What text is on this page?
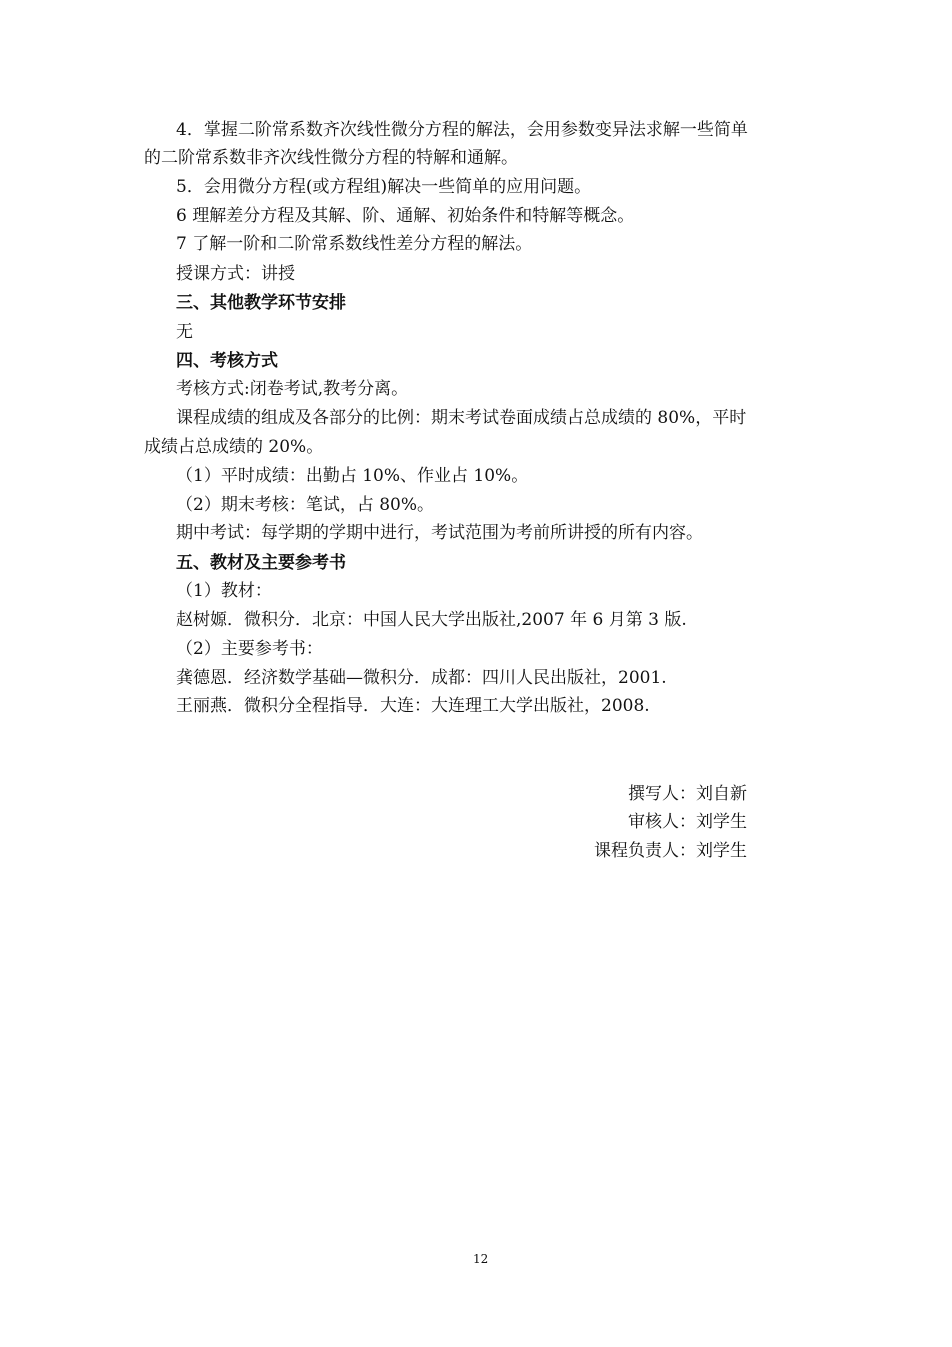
4．掌握二阶常系数齐次线性微分方程的解法，会用参数变异法求解一些简单
的二阶常系数非齐次线性微分方程的特解和通解。
5．会用微分方程(或方程组)解决一些简单的应用问题。
6 理解差分方程及其解、阶、通解、初始条件和特解等概念。
7 了解一阶和二阶常系数线性差分方程的解法。
授课方式：讲授
三、其他教学环节安排
无
四、考核方式
考核方式:闭卷考试,教考分离。
课程成绩的组成及各部分的比例：期末考试卷面成绩占总成绩的 80%，平时
成绩占总成绩的 20%。
（1）平时成绩：出勤占 10%、作业占 10%。
（2）期末考核：笔试，占 80%。
期中考试：每学期的学期中进行，考试范围为考前所讲授的所有内容。
五、教材及主要参考书
（1）教材：
赵树嫄．微积分．北京：中国人民大学出版社,2007 年 6 月第 3 版.
（2）主要参考书：
龚德恩．经济数学基础—微积分．成都：四川人民出版社，2001.
王丽燕．微积分全程指导．大连：大连理工大学出版社，2008.
撰写人：刘自新
审核人：刘学生
课程负责人：刘学生
12
